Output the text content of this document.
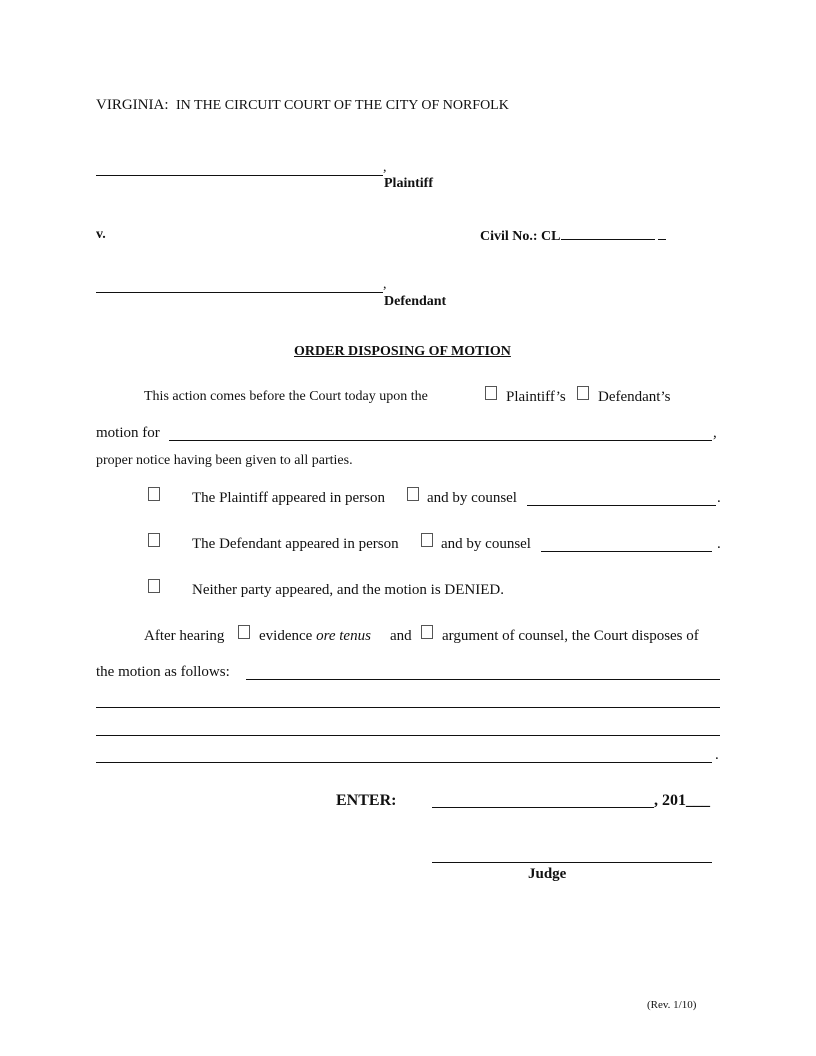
VIRGINIA: IN THE CIRCUIT COURT OF THE CITY OF NORFOLK
,
Plaintiff
v.	Civil No.: CL
,
Defendant
ORDER DISPOSING OF MOTION
This action comes before the Court today upon the	Plaintiff’s Defendant’s
motion for	,
proper notice having been given to all parties.
The Plaintiff appeared in person	and by counsel	.
The Defendant appeared in person	and by counsel	.
Neither party appeared, and the motion is DENIED.
After hearing evidence ore tenus and argument of counsel, the Court disposes of
the motion as follows:
.
ENTER:	, 201___
Judge
(Rev. 1/10)
